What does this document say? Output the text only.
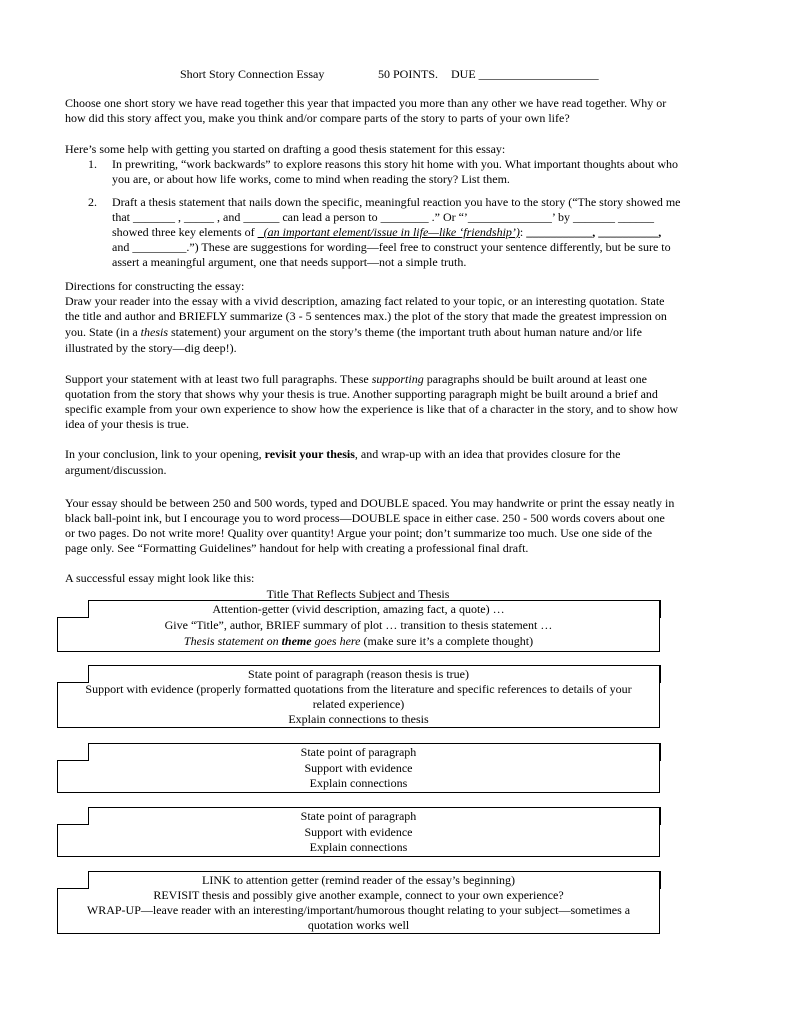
Short Story Connection Essay	50 POINTS. DUE ____________________

Choose one short story we have read together this year that impacted you more than any other we have read together. Why or

how did this story affect you, make you think and/or compare parts of the story to parts of your own life?

Here’s some help with getting you started on drafting a good thesis statement for this essay:

1. In prewriting, “work backwards” to explore reasons this story hit home with you. What important thoughts about who

you are, or about how life works, come to mind when reading the story? List them.

2. Draft a thesis statement that nails down the specific, meaningful reaction you have to the story (“The story showed me

that _______ , _____ , and ______ can lead a person to ________ .” Or “’______________’ by _______ ______

showed three key elements of _(an important element/issue in life—like ‘friendship’): ___________, __________,

and _________.”) These are suggestions for wording—feel free to construct your sentence differently, but be sure to

assert a meaningful argument, one that needs support—not a simple truth.

Directions for constructing the essay:

Draw your reader into the essay with a vivid description, amazing fact related to your topic, or an interesting quotation. State

the title and author and BRIEFLY summarize (3 - 5 sentences max.) the plot of the story that made the greatest impression on

you. State (in a thesis statement) your argument on the story’s theme (the important truth about human nature and/or life

illustrated by the story—dig deep!).

Support your statement with at least two full paragraphs. These supporting paragraphs should be built around at least one

quotation from the story that shows why your thesis is true. Another supporting paragraph might be built around a brief and

specific example from your own experience to show how the experience is like that of a character in the story, and to show how

idea of your thesis is true.

In your conclusion, link to your opening, revisit your thesis, and wrap-up with an idea that provides closure for the

argument/discussion.

Your essay should be between 250 and 500 words, typed and DOUBLE spaced. You may handwrite or print the essay neatly in

black ball-point ink, but I encourage you to word process—DOUBLE space in either case. 250 - 500 words covers about one

or two pages. Do not write more! Quality over quantity! Argue your point; don’t summarize too much. Use one side of the

page only. See “Formatting Guidelines” handout for help with creating a professional final draft.

A successful essay might look like this:

Title That Reflects Subject and Thesis

Attention-getter (vivid description, amazing fact, a quote) …
Give “Title”, author, BRIEF summary of plot … transition to thesis statement …
Thesis statement on theme goes here (make sure it’s a complete thought)
State point of paragraph (reason thesis is true)
Support with evidence (properly formatted quotations from the literature and specific references to details of your
related experience)
Explain connections to thesis
State point of paragraph
Support with evidence
Explain connections
State point of paragraph
Support with evidence
Explain connections
LINK to attention getter (remind reader of the essay’s beginning)
REVISIT thesis and possibly give another example, connect to your own experience?
WRAP-UP—leave reader with an interesting/important/humorous thought relating to your subject—sometimes a
quotation works well
